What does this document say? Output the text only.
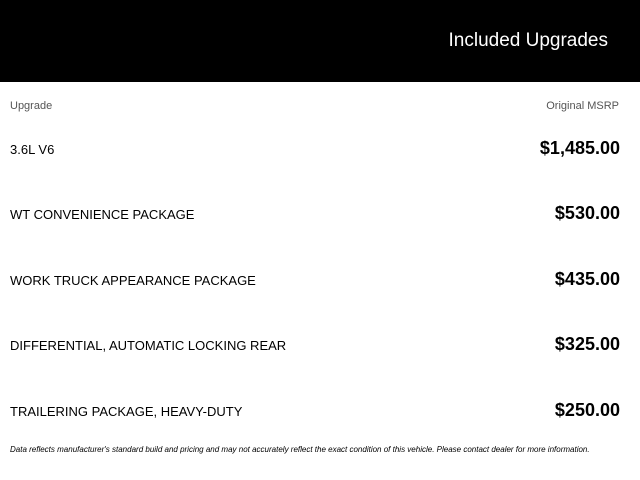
Included Upgrades
Upgrade	Original MSRP
3.6L V6	$1,485.00
WT CONVENIENCE PACKAGE	$530.00
WORK TRUCK APPEARANCE PACKAGE	$435.00
DIFFERENTIAL, AUTOMATIC LOCKING REAR	$325.00
TRAILERING PACKAGE, HEAVY-DUTY	$250.00
Data reflects manufacturer's standard build and pricing and may not accurately reflect the exact condition of this vehicle. Please contact dealer for more information.
